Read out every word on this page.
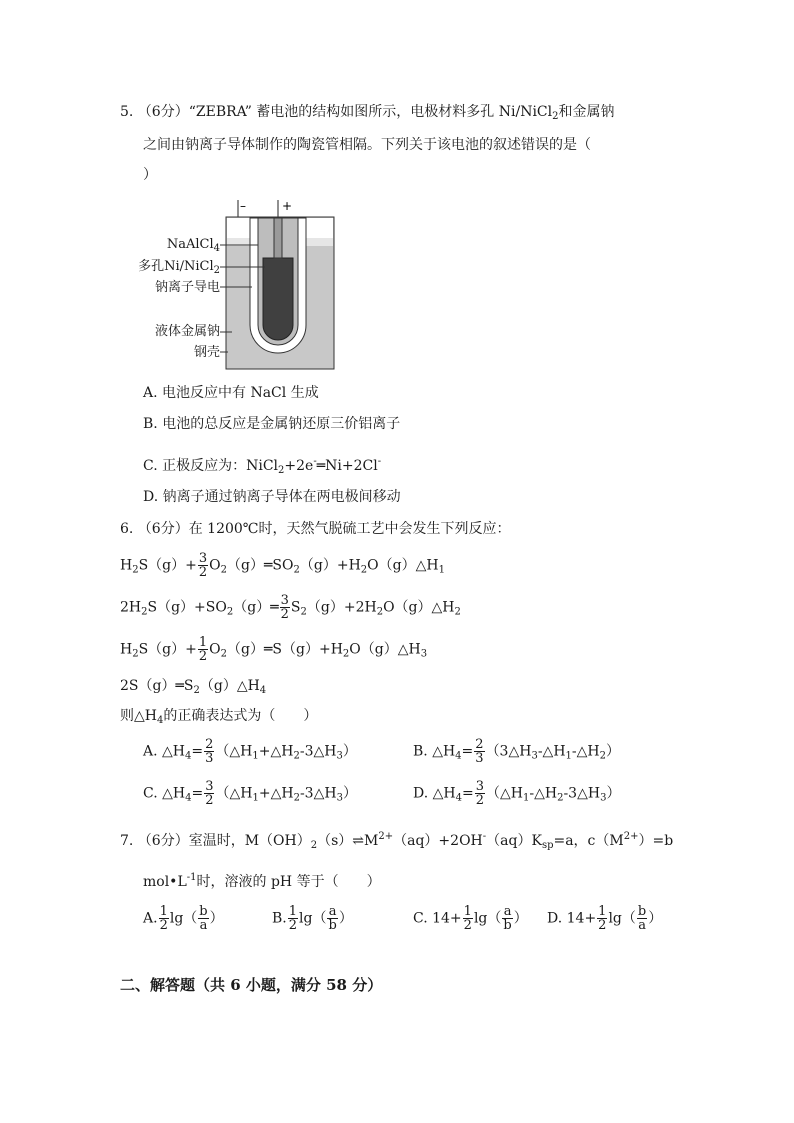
5. （6分）“ZEBRA” 蓄电池的结构如图所示，电极材料多孔 Ni/NiCl$_2$和金属钠
之间由钠离子导体制作的陶瓷管相隔。下列关于该电池的叙述错误的是（
）
–	+
NaAlCl$_4$
多孔Ni/NiCl$_2$
钠离子导电
液体金属钠
钢壳
A. 电池反应中有 NaCl 生成
B. 电池的总反应是金属钠还原三价铝离子
C. 正极反应为：NiCl$_2$+2e-═Ni+2Cl-
D. 钠离子通过钠离子导体在两电极间移动
6. （6分）在 1200℃时，天然气脱硫工艺中会发生下列反应：
$H_2S(g)+ \frac{3}{2}$ $O_2(g)═SO_2(g)+H_2O(g)\triangle H_1$
$2H_2S(g)+SO_2(g)═ \frac{3}{2}$ $S_2(g)+2H_2O(g)\triangle H_2$
$H_2S(g)+ \frac{1}{2}$ $O_2(g)═S(g)+H_2O(g)\triangle H_3$
$2S(g)═S_2(g)\triangle H_4$
则$\triangle H_4$的正确表达式为（　　）
A. $\triangle H_4= \frac{2}{3}$ $(\triangle H_1+\triangle H_2-3\triangle H_3)$	B. $\triangle H_4= \frac{2}{3}$ $(3\triangle H_3-\triangle H_1-\triangle H_2)$
C. $\triangle H_4= \frac{3}{2}$ $(\triangle H_1+\triangle H_2-3\triangle H_3)$	D. $\triangle H_4= \frac{3}{2}$ $(\triangle H_1-\triangle H_2-3\triangle H_3)$
7. （6分）室温时，$M(OH)_2(s)\rightleftharpoons M^{2+}(aq)+2OH^-(aq)K_{sp}=a$，$c(M^{2+})=b$
$mol•L^{-1}$时，溶液的 pH 等于（　　）
A. $\frac{1}{2} \lg( \frac{b}{a}$ ）	B. $\frac{1}{2} \lg( \frac{a}{b}$ ）	C. $14+ \frac{1}{2} \lg( \frac{a}{b}$ ） D. $14+ \frac{1}{2} \lg( \frac{b}{a}$ ）
二、解答题（共 6 小题，满分 58 分）
